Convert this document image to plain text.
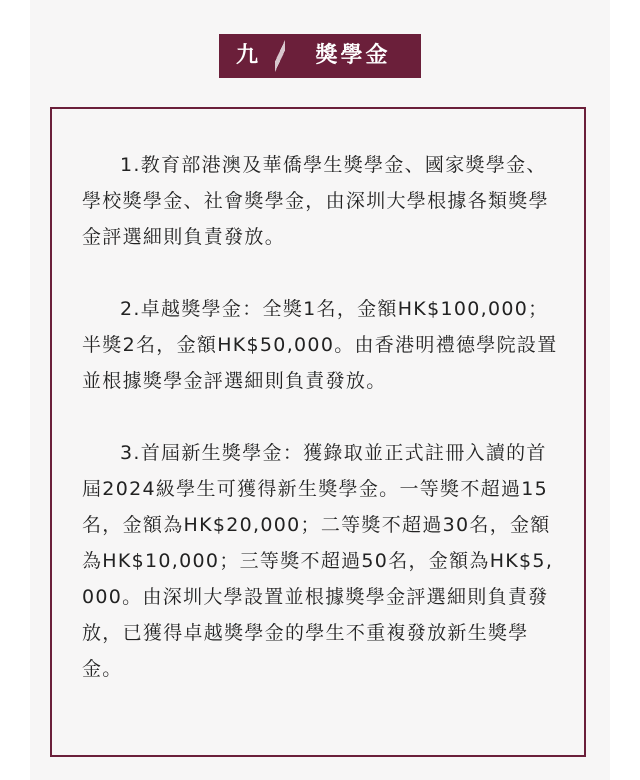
九	獎學金

1.教育部港澳及華僑學生獎學金、國家獎學金、學校獎學金、社會獎學金，由深圳大學根據各類獎學金評選細則負責發放。

2.卓越獎學金：全獎1名，金額HK$100,000；半獎2名，金額HK$50,000。由香港明禮德學院設置並根據獎學金評選細則負責發放。

3.首屆新生獎學金：獲錄取並正式註冊入讀的首屆2024級學生可獲得新生獎學金。一等獎不超過15名，金額為HK$20,000；二等獎不超過30名，金額為HK$10,000；三等獎不超過50名，金額為HK$5,000。由深圳大學設置並根據獎學金評選細則負責發放，已獲得卓越獎學金的學生不重複發放新生獎學金。
